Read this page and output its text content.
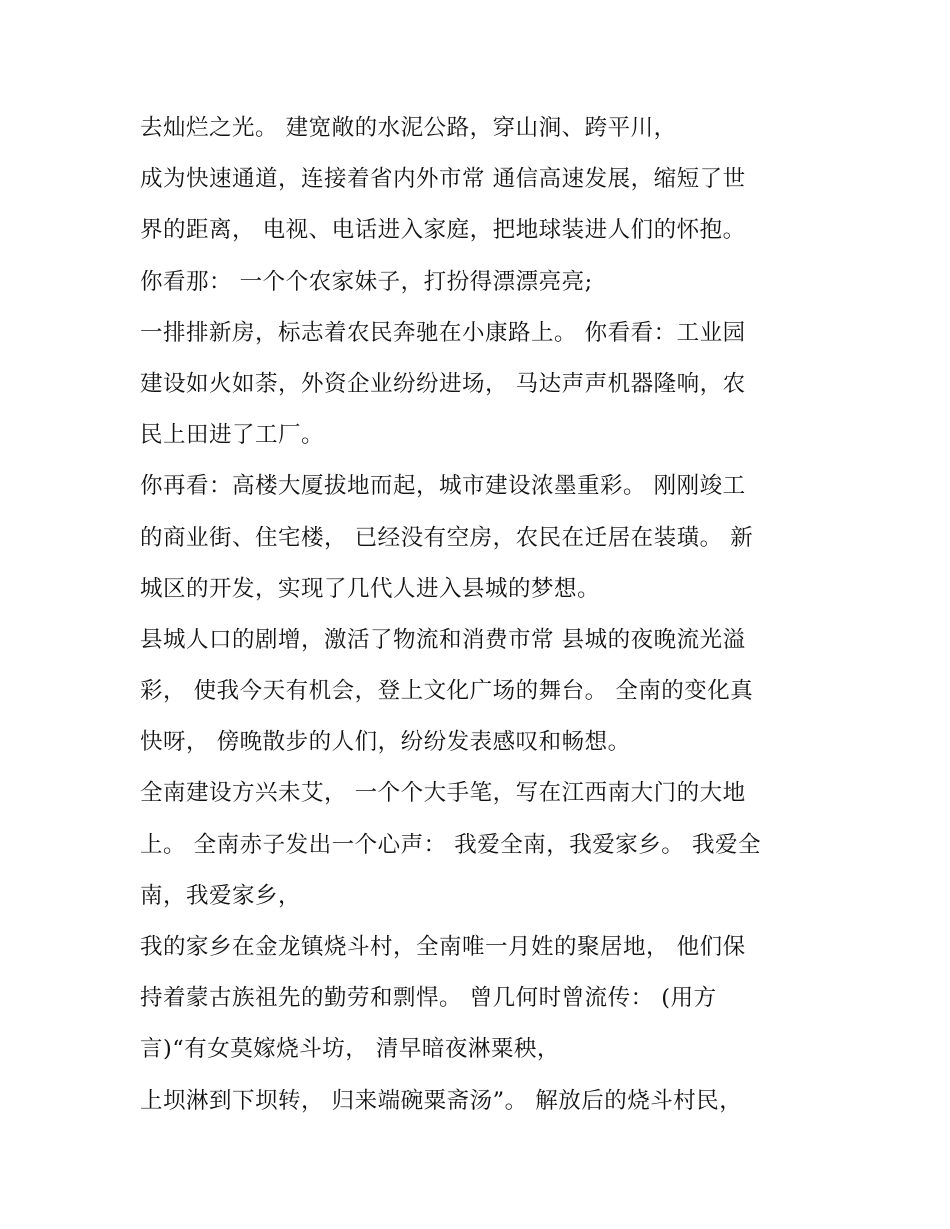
去灿烂之光。 建宽敞的水泥公路，穿山涧、跨平川，
成为快速通道，连接着省内外市常 通信高速发展，缩短了世
界的距离， 电视、电话进入家庭，把地球装进人们的怀抱。
你看那： 一个个农家妹子，打扮得漂漂亮亮;
一排排新房，标志着农民奔驰在小康路上。 你看看：工业园
建设如火如荼，外资企业纷纷进场， 马达声声机器隆响，农
民上田进了工厂。
你再看：高楼大厦拔地而起，城市建设浓墨重彩。 刚刚竣工
的商业街、住宅楼， 已经没有空房，农民在迁居在装璜。 新
城区的开发，实现了几代人进入县城的梦想。
县城人口的剧增，激活了物流和消费市常 县城的夜晚流光溢
彩， 使我今天有机会，登上文化广场的舞台。 全南的变化真
快呀， 傍晚散步的人们，纷纷发表感叹和畅想。
全南建设方兴未艾， 一个个大手笔，写在江西南大门的大地
上。 全南赤子发出一个心声： 我爱全南，我爱家乡。 我爱全
南，我爱家乡，
我的家乡在金龙镇烧斗村，全南唯一月姓的聚居地， 他们保
持着蒙古族祖先的勤劳和剽悍。 曾几何时曾流传： (用方
言)“有女莫嫁烧斗坊， 清早暗夜淋粟秧，
上坝淋到下坝转， 归来端碗粟斋汤”。 解放后的烧斗村民，
